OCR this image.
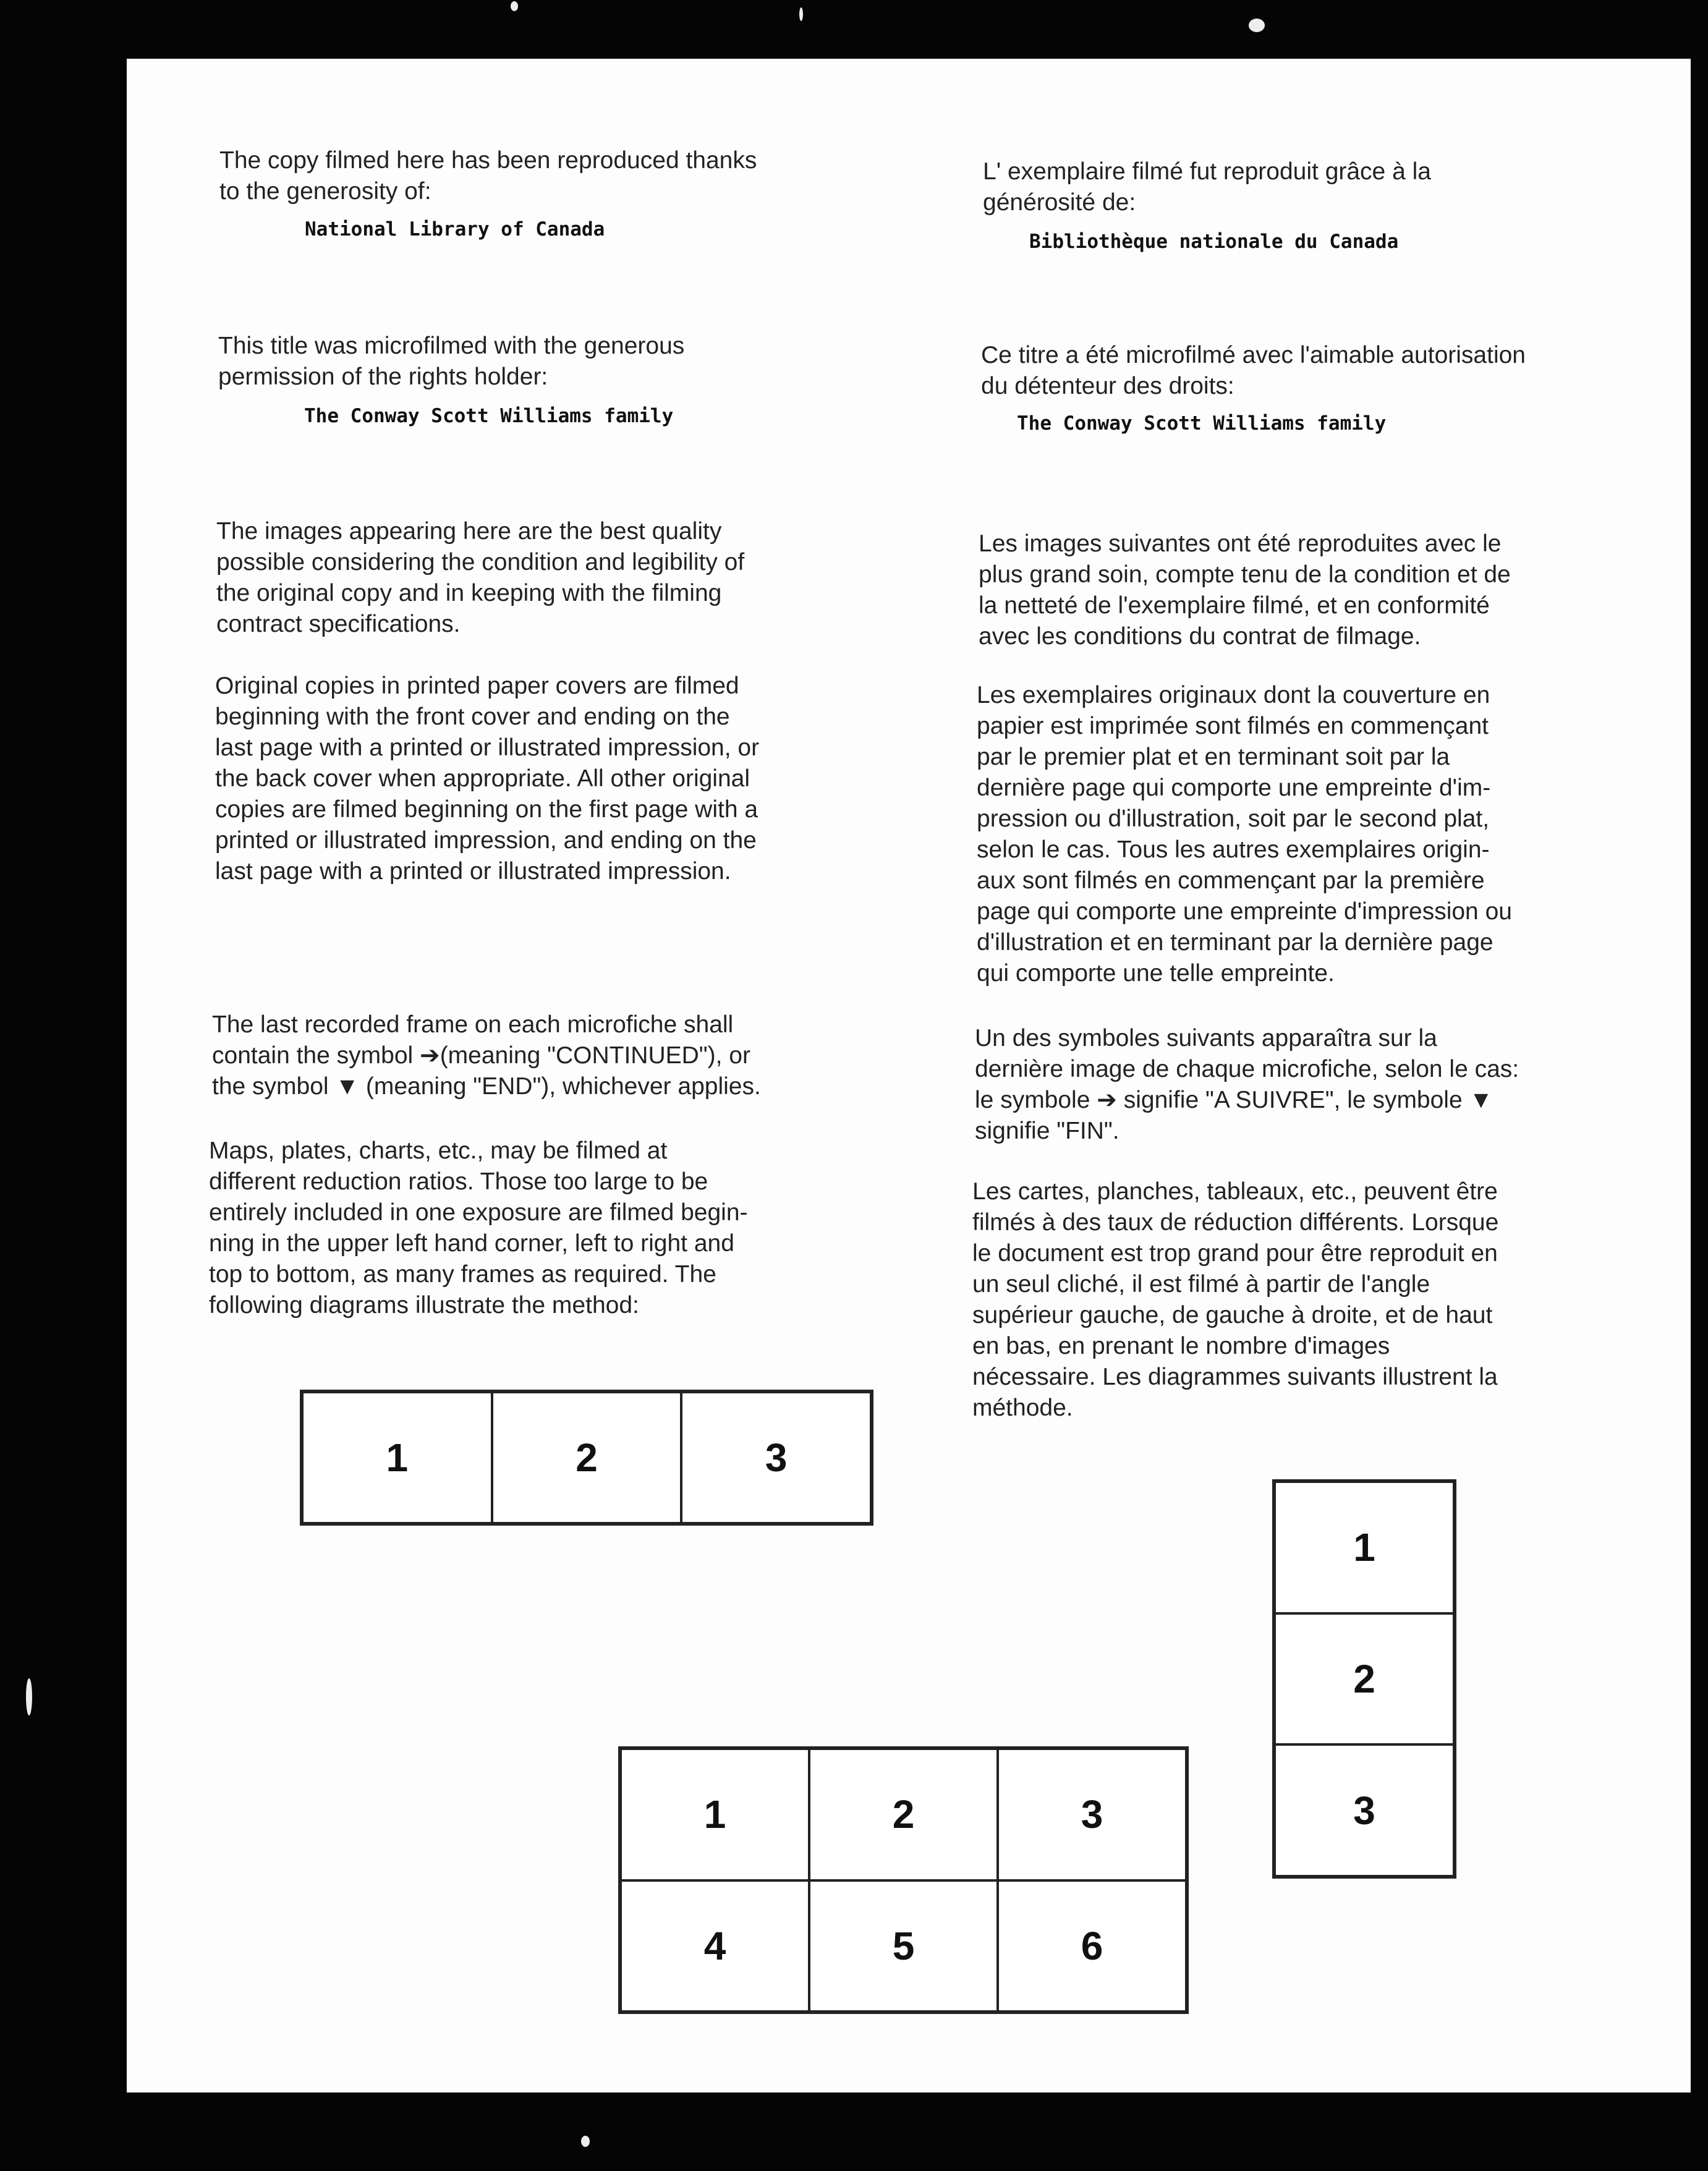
The copy filmed here has been reproduced thanks
to the generosity of:

National Library of Canada

This title was microfilmed with the generous
permission of the rights holder:

The Conway Scott Williams family

The images appearing here are the best quality
possible considering the condition and legibility of
the original copy and in keeping with the filming
contract specifications.

Original copies in printed paper covers are filmed
beginning with the front cover and ending on the
last page with a printed or illustrated impression, or
the back cover when appropriate. All other original
copies are filmed beginning on the first page with a
printed or illustrated impression, and ending on the
last page with a printed or illustrated impression.

The last recorded frame on each microfiche shall
contain the symbol ➔(meaning "CONTINUED"), or
the symbol ▼ (meaning "END"), whichever applies.

Maps, plates, charts, etc., may be filmed at
different reduction ratios. Those too large to be
entirely included in one exposure are filmed begin-
ning in the upper left hand corner, left to right and
top to bottom, as many frames as required. The
following diagrams illustrate the method:

L' exemplaire filmé fut reproduit grâce à la
générosité de:

Bibliothèque nationale du Canada

Ce titre a été microfilmé avec l'aimable autorisation
du détenteur des droits:

The Conway Scott Williams family

Les images suivantes ont été reproduites avec le
plus grand soin, compte tenu de la condition et de
la netteté de l'exemplaire filmé, et en conformité
avec les conditions du contrat de filmage.

Les exemplaires originaux dont la couverture en
papier est imprimée sont filmés en commençant
par le premier plat et en terminant soit par la
dernière page qui comporte une empreinte d'im-
pression ou d'illustration, soit par le second plat,
selon le cas. Tous les autres exemplaires origin-
aux sont filmés en commençant par la première
page qui comporte une empreinte d'impression ou
d'illustration et en terminant par la dernière page
qui comporte une telle empreinte.

Un des symboles suivants apparaîtra sur la
dernière image de chaque microfiche, selon le cas:
le symbole ➔ signifie "A SUIVRE", le symbole ▼
signifie "FIN".

Les cartes, planches, tableaux, etc., peuvent être
filmés à des taux de réduction différents. Lorsque
le document est trop grand pour être reproduit en
un seul cliché, il est filmé à partir de l'angle
supérieur gauche, de gauche à droite, et de haut
en bas, en prenant le nombre d'images
nécessaire. Les diagrammes suivants illustrent la
méthode.

1	2	3
1
2
3
1	2	3
4	5	6
